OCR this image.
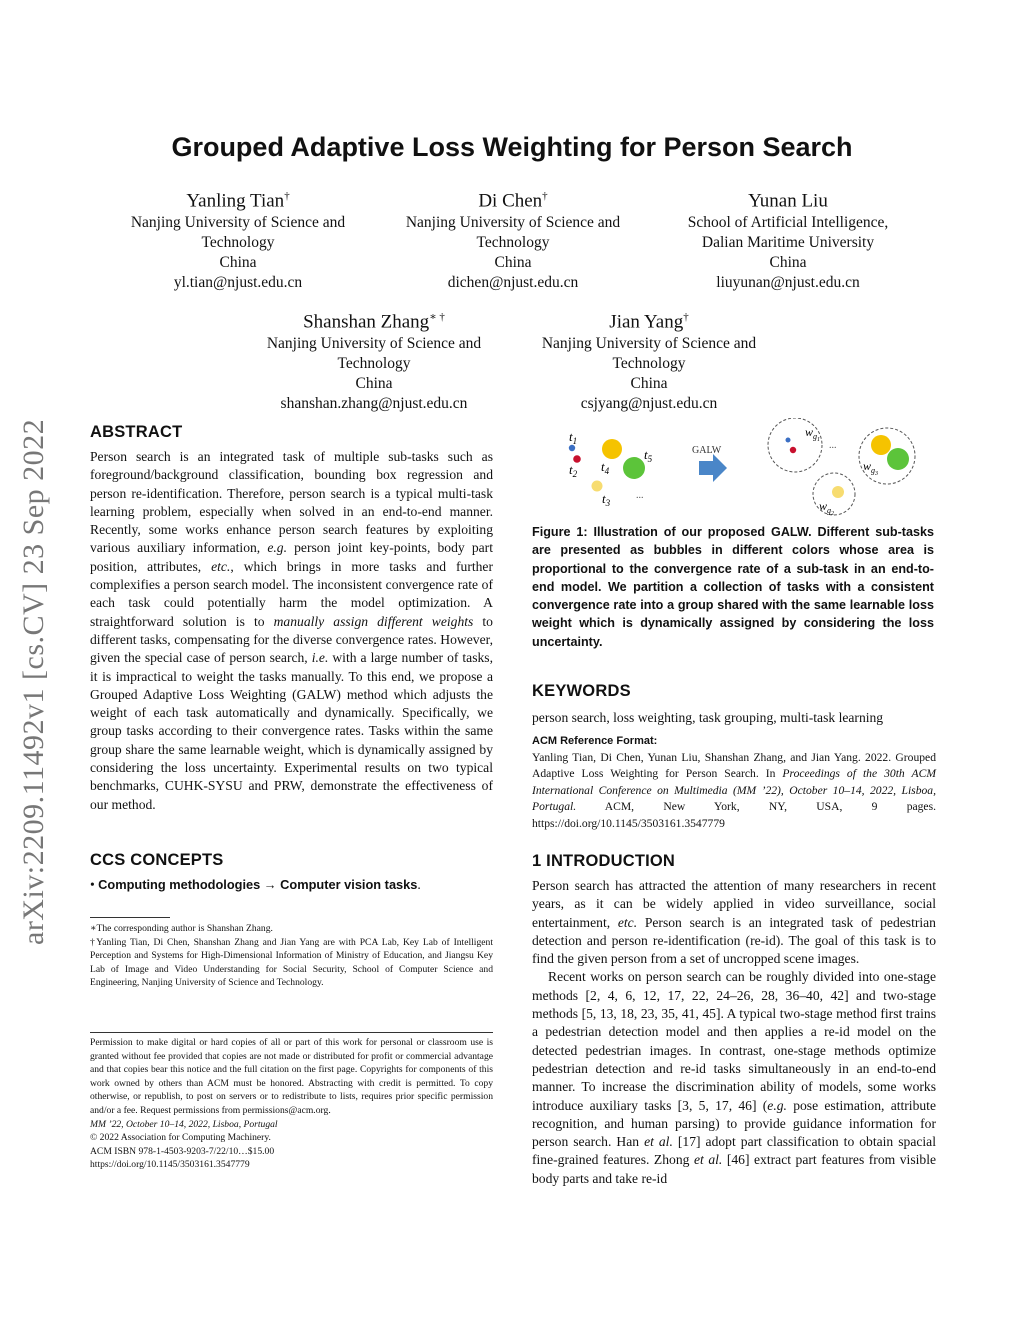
arXiv:2209.11492v1 [cs.CV] 23 Sep 2022
Grouped Adaptive Loss Weighting for Person Search
Yanling Tian†
Nanjing University of Science and
Technology
China
yl.tian@njust.edu.cn
Di Chen†
Nanjing University of Science and
Technology
China
dichen@njust.edu.cn
Yunan Liu
School of Artificial Intelligence,
Dalian Maritime University
China
liuyunan@njust.edu.cn
Shanshan Zhang∗ †
Nanjing University of Science and
Technology
China
shanshan.zhang@njust.edu.cn
Jian Yang†
Nanjing University of Science and
Technology
China
csjyang@njust.edu.cn
ABSTRACT
Person search is an integrated task of multiple sub-tasks such as foreground/background classification, bounding box regression and person re-identification. Therefore, person search is a typical multi-task learning problem, especially when solved in an end-to-end manner. Recently, some works enhance person search features by exploiting various auxiliary information, e.g. person joint key-points, body part position, attributes, etc., which brings in more tasks and further complexifies a person search model. The inconsistent convergence rate of each task could potentially harm the model optimization. A straightforward solution is to manually assign different weights to different tasks, compensating for the diverse convergence rates. However, given the special case of person search, i.e. with a large number of tasks, it is impractical to weight the tasks manually. To this end, we propose a Grouped Adaptive Loss Weighting (GALW) method which adjusts the weight of each task automatically and dynamically. Specifically, we group tasks according to their convergence rates. Tasks within the same group share the same learnable weight, which is dynamically assigned by considering the loss uncertainty. Experimental results on two typical benchmarks, CUHK-SYSU and PRW, demonstrate the effectiveness of our method.
CCS CONCEPTS
• Computing methodologies → Computer vision tasks.
∗The corresponding author is Shanshan Zhang.
†Yanling Tian, Di Chen, Shanshan Zhang and Jian Yang are with PCA Lab, Key Lab of Intelligent Perception and Systems for High-Dimensional Information of Ministry of Education, and Jiangsu Key Lab of Image and Video Understanding for Social Security, School of Computer Science and Engineering, Nanjing University of Science and Technology.
Permission to make digital or hard copies of all or part of this work for personal or classroom use is granted without fee provided that copies are not made or distributed for profit or commercial advantage and that copies bear this notice and the full citation on the first page. Copyrights for components of this work owned by others than ACM must be honored. Abstracting with credit is permitted. To copy otherwise, or republish, to post on servers or to redistribute to lists, requires prior specific permission and/or a fee. Request permissions from permissions@acm.org.
MM ’22, October 10–14, 2022, Lisboa, Portugal
© 2022 Association for Computing Machinery.
ACM ISBN 978-1-4503-9203-7/22/10…$15.00
https://doi.org/10.1145/3503161.3547779
$t_1$
$t_2$ $t_4$
$t_5$
$t_3$
...
GALW
$w_g1$ ...
$w_g3$
$w_g2$
Figure 1: Illustration of our proposed GALW. Different sub-tasks are presented as bubbles in different colors whose area is proportional to the convergence rate of a sub-task in an end-to-end model. We partition a collection of tasks with a consistent convergence rate into a group shared with the same learnable loss weight which is dynamically assigned by considering the loss uncertainty.
KEYWORDS
person search, loss weighting, task grouping, multi-task learning
ACM Reference Format:
Yanling Tian, Di Chen, Yunan Liu, Shanshan Zhang, and Jian Yang. 2022. Grouped Adaptive Loss Weighting for Person Search. In Proceedings of the 30th ACM International Conference on Multimedia (MM ’22), October 10–14, 2022, Lisboa, Portugal. ACM, New York, NY, USA, 9 pages. https://doi.org/10.1145/3503161.3547779
1 INTRODUCTION

Person search has attracted the attention of many researchers in recent years, as it can be widely applied in video surveillance, social entertainment, etc. Person search is an integrated task of pedestrian detection and person re-identification (re-id). The goal of this task is to find the given person from a set of uncropped scene images.

Recent works on person search can be roughly divided into one-stage methods [2, 4, 6, 12, 17, 22, 24–26, 28, 36–40, 42] and two-stage methods [5, 13, 18, 23, 35, 41, 45]. A typical two-stage method first trains a pedestrian detection model and then applies a re-id model on the detected pedestrian images. In contrast, one-stage methods optimize pedestrian detection and re-id tasks simultaneously in an end-to-end manner. To increase the discrimination ability of models, some works introduce auxiliary tasks [3, 5, 17, 46] (e.g. pose estimation, attribute recognition, and human parsing) to provide guidance information for person search. Han et al. [17] adopt part classification to obtain spacial fine-grained features. Zhong et al. [46] extract part features from visible body parts and take re-id
